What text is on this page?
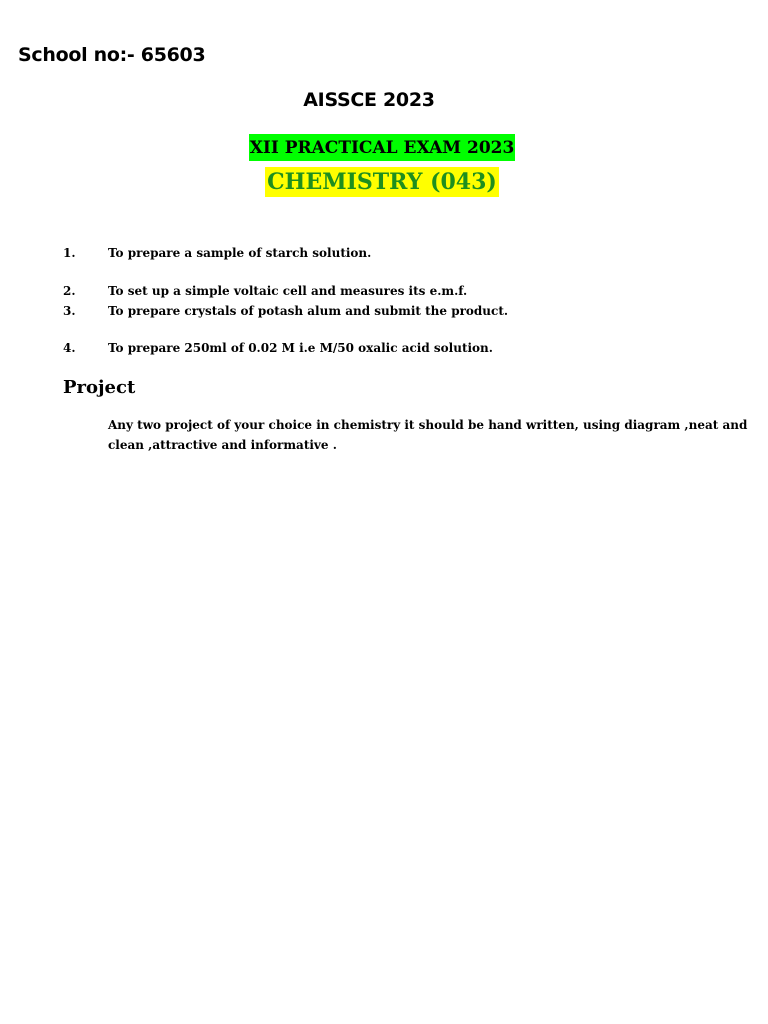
School no:- 65603
AISSCE 2023
XII PRACTICAL EXAM 2023
CHEMISTRY (043)
1.	To prepare a sample of starch solution.
2.	To set up a simple voltaic cell and measures its e.m.f.
3.	To prepare crystals of potash alum and submit the product.
4.	To prepare 250ml of 0.02 M i.e M/50 oxalic acid solution.
Project
Any two project of your choice in chemistry it should be hand written, using diagram ,neat and clean ,attractive and informative .
